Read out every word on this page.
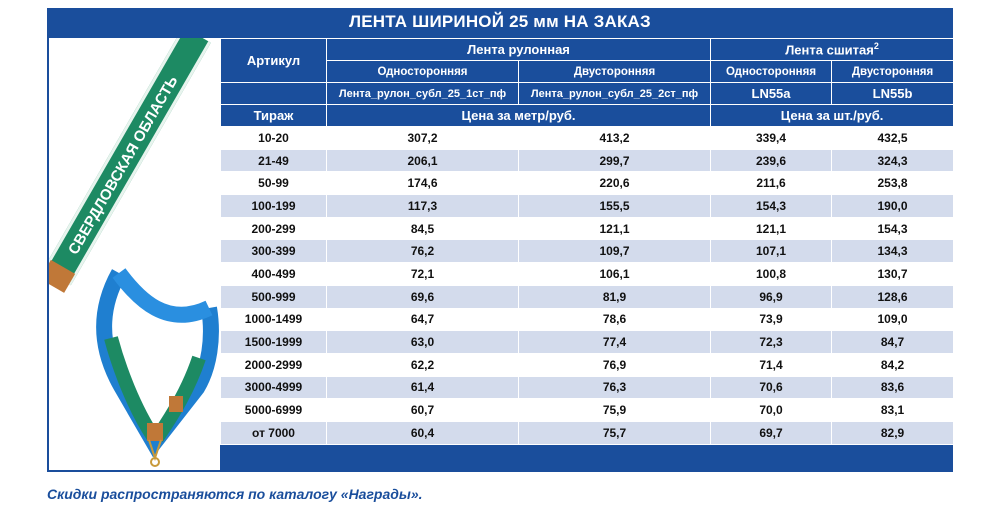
ЛЕНТА ШИРИНОЙ 25 мм НА ЗАКАЗ
СВЕРДЛОВСКАЯ ОБЛАСТЬ
Артикул	Лента рулонная		Лента сшитая$^2$
	Односторонняя	Двусторонняя	Односторонняя	Двусторонняя
	Лента_рулон_субл_25_1ст_пф	Лента_рулон_субл_25_2ст_пф	LN55a	LN55b
Тираж	Цена за метр/руб.		Цена за шт./руб.	
10-20	307,2	413,2	339,4	432,5
21-49	206,1	299,7	239,6	324,3
50-99	174,6	220,6	211,6	253,8
100-199	117,3	155,5	154,3	190,0
200-299	84,5	121,1	121,1	154,3
300-399	76,2	109,7	107,1	134,3
400-499	72,1	106,1	100,8	130,7
500-999	69,6	81,9	96,9	128,6
1000-1499	64,7	78,6	73,9	109,0
1500-1999	63,0	77,4	72,3	84,7
2000-2999	62,2	76,9	71,4	84,2
3000-4999	61,4	76,3	70,6	83,6
5000-6999	60,7	75,9	70,0	83,1
от 7000	60,4	75,7	69,7	82,9
Скидки распространяются по каталогу «Награды».
